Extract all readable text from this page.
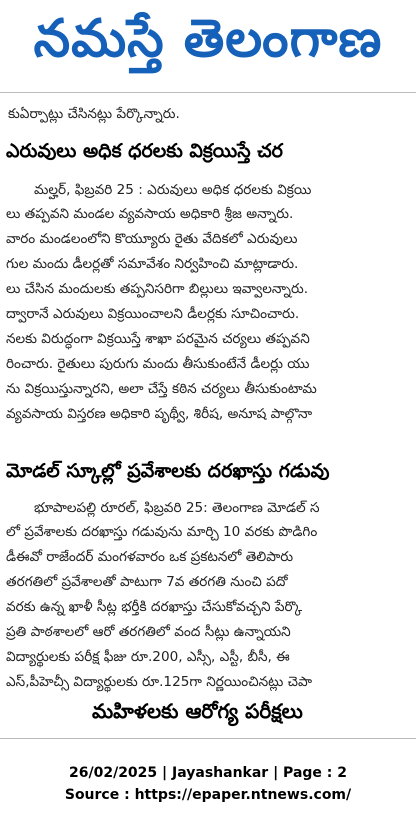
నమస్తే తెలంగాణ
కుఏర్పాట్లు చేసినట్లు పేర్కొన్నారు.
ఎరువులు అధిక ధరలకు విక్రయిస్తే చర
మల్హర్, ఫిబ్రవరి 25 : ఎరువులు అధిక ధరలకు విక్రయి
లు తప్పవని మండల వ్యవసాయ అధికారి శ్రీజ అన్నారు.
వారం మండలంలోని కొయ్యూరు రైతు వేదికలో ఎరువులు
గుల మందు డీలర్లతో సమావేశం నిర్వహించి మాట్లాడారు.
లు చేసిన మందులకు తప్పనిసరిగా బిల్లులు ఇవ్వాలన్నారు.
ద్వారానే ఎరువులు విక్రయించాలని డీలర్లకు సూచించారు.
నలకు విరుద్ధంగా విక్రయిస్తే శాఖా పరమైన చర్యలు తప్పవని
రించారు. రైతులు పురుగు మందు తీసుకుంటేనే డీలర్లు యు
ను విక్రయిస్తున్నారని, అలా చేస్తే కఠిన చర్యలు తీసుకుంటామ
వ్యవసాయ విస్తరణ అధికారి పృథ్వీ, శిరీష, అనూష పాల్గొనా
మోడల్ స్కూల్లో ప్రవేశాలకు దరఖాస్తు గడువు
భూపాలపల్లి రూరల్, ఫిబ్రవరి 25: తెలంగాణ మోడల్ స
లో ప్రవేశాలకు దరఖాస్తు గడువును మార్చి 10 వరకు పొడిగిం
డీఈవో రాజేందర్ మంగళవారం ఒక ప్రకటనలో తెలిపారు
తరగతిలో ప్రవేశాలతో పాటుగా 7వ తరగతి నుంచి పదో
వరకు ఉన్న ఖాళీ సీట్ల భర్తీకి దరఖాస్తు చేసుకోవచ్చని పేర్కొ
ప్రతి పాఠశాలలో ఆరో తరగతిలో వంద సీట్లు ఉన్నాయని
విద్యార్థులకు పరీక్ష ఫీజు రూ.200, ఎస్సీ, ఎస్టీ, బీసీ, ఈ
ఎస్,పీహెచ్సీ విద్యార్థులకు రూ.125గా నిర్ణయించినట్లు చెపా
మహిళలకు ఆరోగ్య పరీక్షలు
26/02/2025 | Jayashankar | Page : 2
Source : https://epaper.ntnews.com/
